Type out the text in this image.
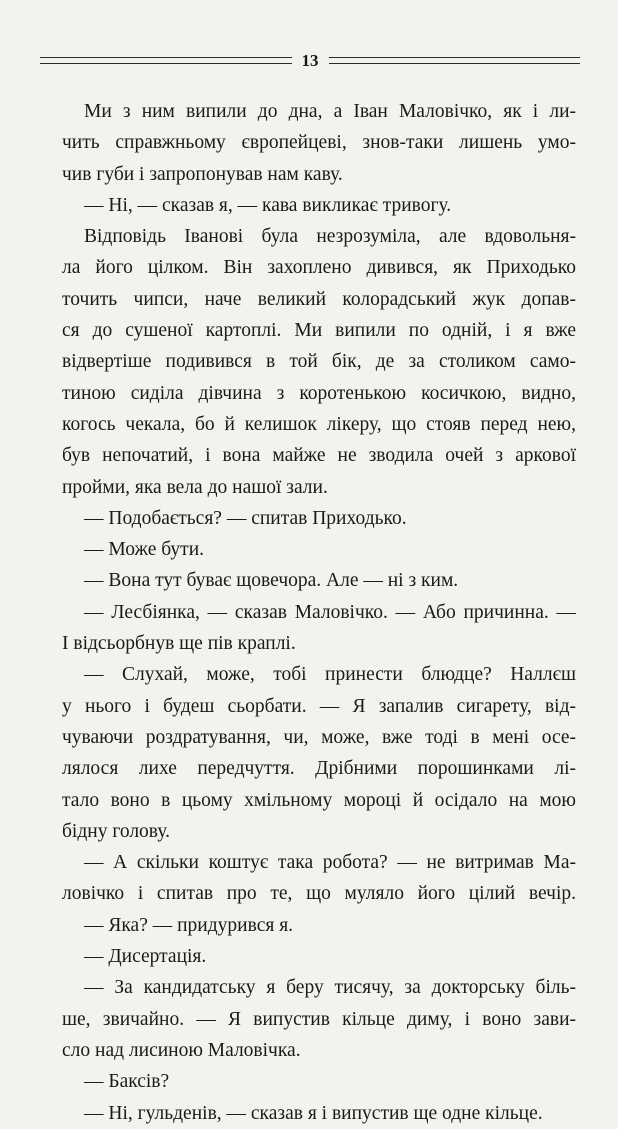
13

Ми з ним випили до дна, а Іван Маловічко, як і ли-

чить справжньому європейцеві, знов-таки лишень умо-

чив губи і запропонував нам каву.

— Ні, — сказав я, — кава викликає тривогу.

Відповідь Іванові була незрозуміла, але вдовольня-

ла його цілком. Він захоплено дивився, як Приходько

точить чипси, наче великий колорадський жук допав-

ся до сушеної картоплі. Ми випили по одній, і я вже

відвертіше подивився в той бік, де за столиком само-

тиною сиділа дівчина з коротенькою косичкою, видно,

когось чекала, бо й келишок лікеру, що стояв перед нею,

був непочатий, і вона майже не зводила очей з аркової

пройми, яка вела до нашої зали.

— Подобається? — спитав Приходько.

— Може бути.

— Вона тут буває щовечора. Але — ні з ким.

— Лесбіянка, — сказав Маловічко. — Або причинна. —

І відсьорбнув ще пів краплі.

— Слухай, може, тобі принести блюдце? Наллєш

у нього і будеш сьорбати. — Я запалив сигарету, від-

чуваючи роздратування, чи, може, вже тоді в мені осе-

лялося лихе передчуття. Дрібними порошинками лі-

тало воно в цьому хмільному мороці й осідало на мою

бідну голову.

— А скільки коштує така робота? — не витримав Ма-

ловічко і спитав про те, що муляло його цілий вечір.

— Яка? — придурився я.

— Дисертація.

— За кандидатську я беру тисячу, за докторську біль-

ше, звичайно. — Я випустив кільце диму, і воно зави-

сло над лисиною Маловічка.

— Баксів?

— Ні, гульденів, — сказав я і випустив ще одне кільце.
